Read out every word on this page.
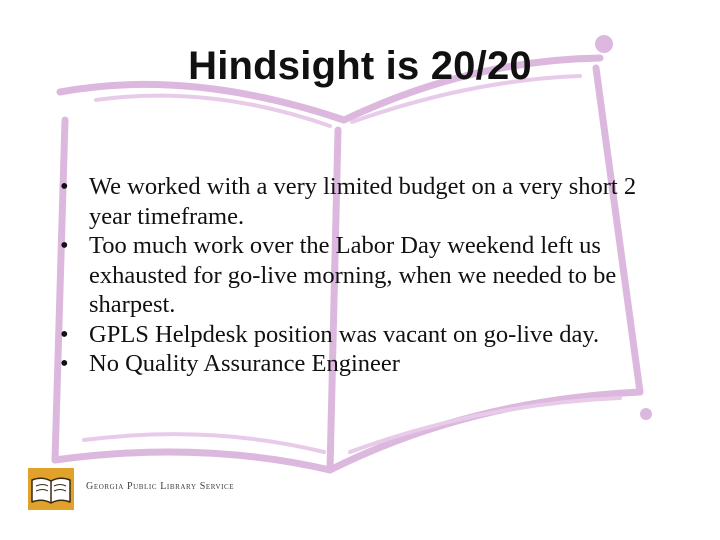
Hindsight is 20/20
• We worked with a very limited budget on a very short 2 year timeframe.
• Too much work over the Labor Day weekend left us exhausted for go-live morning, when we needed to be sharpest.
• GPLS Helpdesk position was vacant on go-live day.
• No Quality Assurance Engineer
Georgia Public Library Service
